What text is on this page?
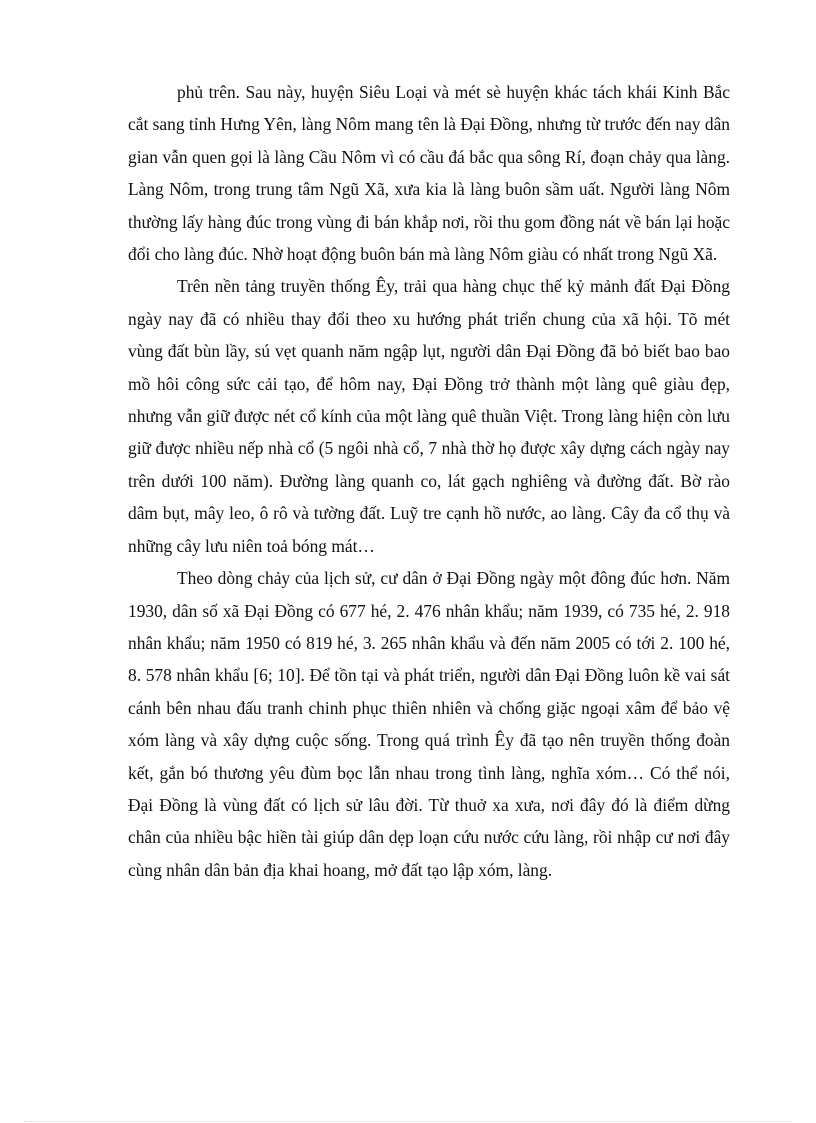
phủ trên. Sau này, huyện Siêu Loại và mét sè huyện khác tách khái Kinh Bắc cắt sang tỉnh Hưng Yên, làng Nôm mang tên là Đại Đồng, nhưng từ trước đến nay dân gian vẫn quen gọi là làng Cầu Nôm vì có cầu đá bắc qua sông Rí, đoạn chảy qua làng. Làng Nôm, trong trung tâm Ngũ Xã, xưa kia là làng buôn sầm uất. Người làng Nôm thường lấy hàng đúc trong vùng đi bán khắp nơi, rồi thu gom đồng nát về bán lại hoặc đổi cho làng đúc. Nhờ hoạt động buôn bán mà làng Nôm giàu có nhất trong Ngũ Xã.

Trên nền tảng truyền thống Êy, trải qua hàng chục thế kỷ mảnh đất Đại Đồng ngày nay đã có nhiều thay đổi theo xu hướng phát triển chung của xã hội. Tõ mét vùng đất bùn lầy, sú vẹt quanh năm ngập lụt, người dân Đại Đồng đã bỏ biết bao bao mồ hôi công sức cải tạo, để hôm nay, Đại Đồng trở thành một làng quê giàu đẹp, nhưng vẫn giữ được nét cổ kính của một làng quê thuần Việt. Trong làng hiện còn lưu giữ được nhiều nếp nhà cổ (5 ngôi nhà cổ, 7 nhà thờ họ được xây dựng cách ngày nay trên dưới 100 năm). Đường làng quanh co, lát gạch nghiêng và đường đất. Bờ rào dâm bụt, mây leo, ô rô và tường đất. Luỹ tre cạnh hồ nước, ao làng. Cây đa cổ thụ và những cây lưu niên toả bóng mát…

Theo dòng chảy của lịch sử, cư dân ở Đại Đồng ngày một đông đúc hơn. Năm 1930, dân số xã Đại Đồng có 677 hé, 2. 476 nhân khẩu; năm 1939, có 735 hé, 2. 918 nhân khẩu; năm 1950 có 819 hé, 3. 265 nhân khẩu và đến năm 2005 có tới 2. 100 hé, 8. 578 nhân khẩu [6; 10]. Để tồn tại và phát triển, người dân Đại Đồng luôn kề vai sát cánh bên nhau đấu tranh chinh phục thiên nhiên và chống giặc ngoại xâm để bảo vệ xóm làng và xây dựng cuộc sống. Trong quá trình Êy đã tạo nên truyền thống đoàn kết, gắn bó thương yêu đùm bọc lẫn nhau trong tình làng, nghĩa xóm… Có thể nói, Đại Đồng là vùng đất có lịch sử lâu đời. Từ thuở xa xưa, nơi đây đó là điểm dừng chân của nhiều bậc hiền tài giúp dân dẹp loạn cứu nước cứu làng, rồi nhập cư nơi đây cùng nhân dân bản địa khai hoang, mở đất tạo lập xóm, làng.
